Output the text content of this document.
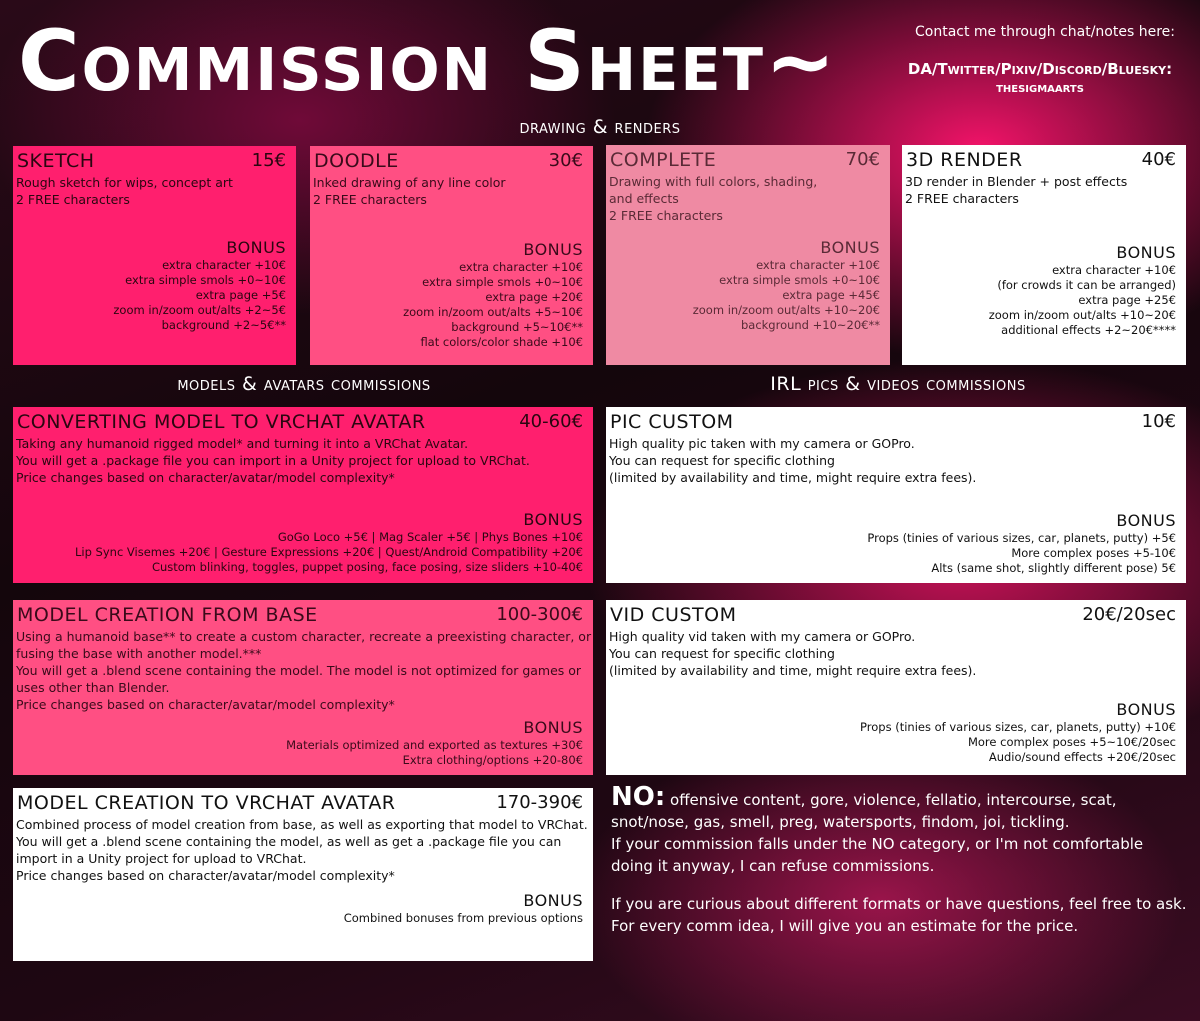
Commission Sheet~	Contact me through chat/notes here:
DA/Twitter/Pixiv/Discord/Bluesky:
thesigmaarts
drawing & renders
models & avatars commissions	IRL pics & videos commissions
SKETCH	15€
Rough sketch for wips, concept art
2 FREE characters
BONUS
extra character +10€
extra simple smols +0~10€
extra page +5€
zoom in/zoom out/alts +2~5€
background +2~5€**
DOODLE	30€
Inked drawing of any line color
2 FREE characters
BONUS
extra character +10€
extra simple smols +0~10€
extra page +20€
zoom in/zoom out/alts +5~10€
background +5~10€**
flat colors/color shade +10€
COMPLETE	70€
Drawing with full colors, shading,
and effects
2 FREE characters
BONUS
extra character +10€
extra simple smols +0~10€
extra page +45€
zoom in/zoom out/alts +10~20€
background +10~20€**
3D RENDER	40€
3D render in Blender + post effects
2 FREE characters
BONUS
extra character +10€
(for crowds it can be arranged)
extra page +25€
zoom in/zoom out/alts +10~20€
additional effects +2~20€****
CONVERTING MODEL TO VRCHAT AVATAR	40-60€
Taking any humanoid rigged model* and turning it into a VRChat Avatar.
You will get a .package file you can import in a Unity project for upload to VRChat.
Price changes based on character/avatar/model complexity*
BONUS
GoGo Loco +5€ | Mag Scaler +5€ | Phys Bones +10€
Lip Sync Visemes +20€ | Gesture Expressions +20€ | Quest/Android Compatibility +20€
Custom blinking, toggles, puppet posing, face posing, size sliders +10-40€
MODEL CREATION FROM BASE	100-300€
Using a humanoid base** to create a custom character, recreate a preexisting character, or
fusing the base with another model.***
You will get a .blend scene containing the model. The model is not optimized for games or
uses other than Blender.
Price changes based on character/avatar/model complexity*
BONUS
Materials optimized and exported as textures +30€
Extra clothing/options +20-80€
MODEL CREATION TO VRCHAT AVATAR	170-390€
Combined process of model creation from base, as well as exporting that model to VRChat.
You will get a .blend scene containing the model, as well as get a .package file you can
import in a Unity project for upload to VRChat.
Price changes based on character/avatar/model complexity*
BONUS
Combined bonuses from previous options
PIC CUSTOM	10€
High quality pic taken with my camera or GOPro.
You can request for specific clothing
(limited by availability and time, might require extra fees).
BONUS
Props (tinies of various sizes, car, planets, putty) +5€
More complex poses +5-10€
Alts (same shot, slightly different pose) 5€
VID CUSTOM	20€/20sec
High quality vid taken with my camera or GOPro.
You can request for specific clothing
(limited by availability and time, might require extra fees).
BONUS
Props (tinies of various sizes, car, planets, putty) +10€
More complex poses +5~10€/20sec
Audio/sound effects +20€/20sec
NO: offensive content, gore, violence, fellatio, intercourse, scat,
snot/nose, gas, smell, preg, watersports, findom, joi, tickling.
If your commission falls under the NO category, or I'm not comfortable
doing it anyway, I can refuse commissions.
If you are curious about different formats or have questions, feel free to ask.
For every comm idea, I will give you an estimate for the price.
